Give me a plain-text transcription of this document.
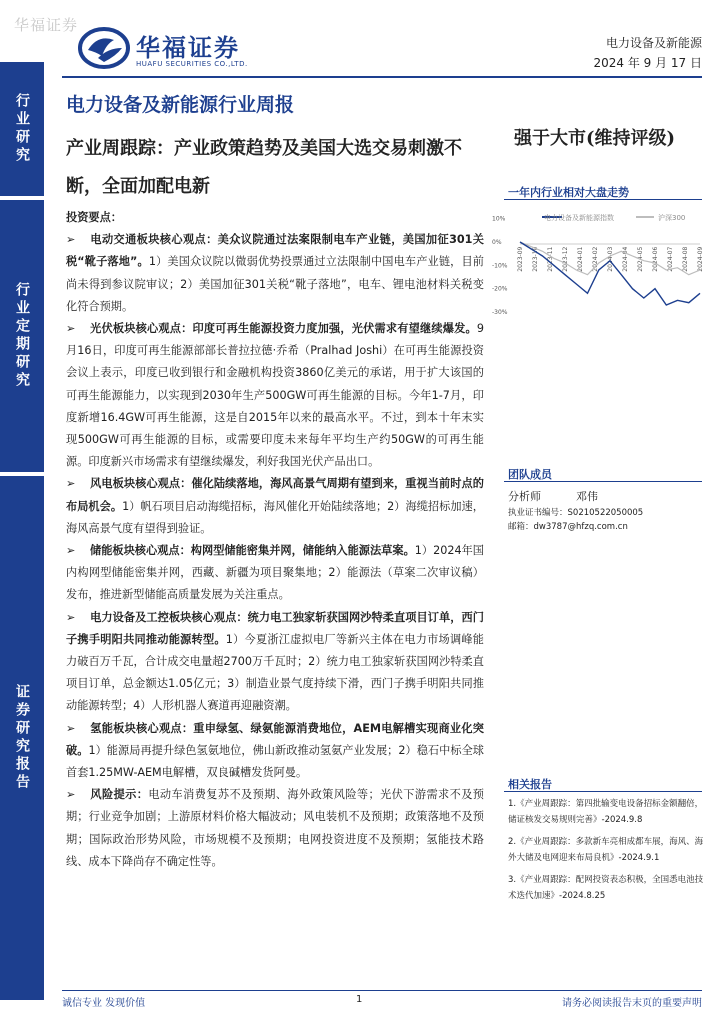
华福证券
华福证券
HUAFU SECURITIES CO.,LTD.
电力设备及新能源
2024 年 9 月 17 日
行业研究
行业定期研究
证券研究报告
电力设备及新能源行业周报
产业周跟踪：产业政策趋势及美国大选交易刺激不断，全面加配电新
强于大市(维持评级)
一年内行业相对大盘走势
电力设备及新能源指数	沪深300
10%
0%
-10%
-20%
-30%
2023-09 2023-10 2023-11 2023-12 2024-01 2024-02 2024-03 2024-04 2024-05 2024-06 2024-07 2024-08 2024-09
投资要点：

➢ 电动交通板块核心观点：美众议院通过法案限制电车产业链，美国加征301关税“靴子落地”。1）美国众议院以微弱优势投票通过立法限制中国电车产业链，目前尚未得到参议院审议；2）美国加征301关税“靴子落地”，电车、锂电池材料关税变化符合预期。

➢ 光伏板块核心观点：印度可再生能源投资力度加强，光伏需求有望继续爆发。9月16日，印度可再生能源部部长普拉拉德·乔希（Pralhad Joshi）在可再生能源投资会议上表示，印度已收到银行和金融机构投资3860亿美元的承诺，用于扩大该国的可再生能源能力，以实现到2030年生产500GW可再生能源的目标。今年1-7月，印度新增16.4GW可再生能源，这是自2015年以来的最高水平。不过，到本十年末实现500GW可再生能源的目标，或需要印度未来每年平均生产约50GW的可再生能源。印度新兴市场需求有望继续爆发，利好我国光伏产品出口。

➢ 风电板块核心观点：催化陆续落地，海风高景气周期有望到来，重视当前时点的布局机会。1）帆石项目启动海缆招标，海风催化开始陆续落地；2）海缆招标加速，海风高景气度有望得到验证。

➢ 储能板块核心观点：构网型储能密集并网，储能纳入能源法草案。1）2024年国内构网型储能密集并网，西藏、新疆为项目聚集地；2）能源法（草案二次审议稿）发布，推进新型储能高质量发展为关注重点。

➢ 电力设备及工控板块核心观点：统力电工独家斩获国网沙特柔直项目订单，西门子携手明阳共同推动能源转型。1）今夏浙江虚拟电厂等新兴主体在电力市场调峰能力破百万千瓦，合计成交电量超2700万千瓦时；2）统力电工独家斩获国网沙特柔直项目订单，总金额达1.05亿元；3）制造业景气度持续下滑，西门子携手明阳共同推动能源转型；4）人形机器人赛道再迎融资潮。

➢ 氢能板块核心观点：重申绿氢、绿氨能源消费地位，AEM电解槽实现商业化突破。1）能源局再提升绿色氢氨地位，佛山新政推动氢氨产业发展；2）稳石中标全球首套1.25MW-AEM电解槽，双良碱槽发货阿曼。

➢ 风险提示：电动车消费复苏不及预期、海外政策风险等；光伏下游需求不及预期；行业竞争加剧；上游原材料价格大幅波动；风电装机不及预期；政策落地不及预期；国际政治形势风险，市场规模不及预期；电网投资进度不及预期；氢能技术路线、成本下降尚存不确定性等。

团队成员
分析师	邓伟
执业证书编号：S0210522050005
邮箱：dw3787@hfzq.com.cn
相关报告
1.《产业周跟踪：第四批输变电设备招标金额翻倍，储证核发交易规则完善》-2024.9.8
2.《产业周跟踪：多款新车亮相成都车展，海风、海外大储及电网迎来布局良机》-2024.9.1
3.《产业周跟踪：配网投资表态积极，全国悉电池技术迭代加速》-2024.8.25
诚信专业 发现价值	1	请务必阅读报告末页的重要声明
